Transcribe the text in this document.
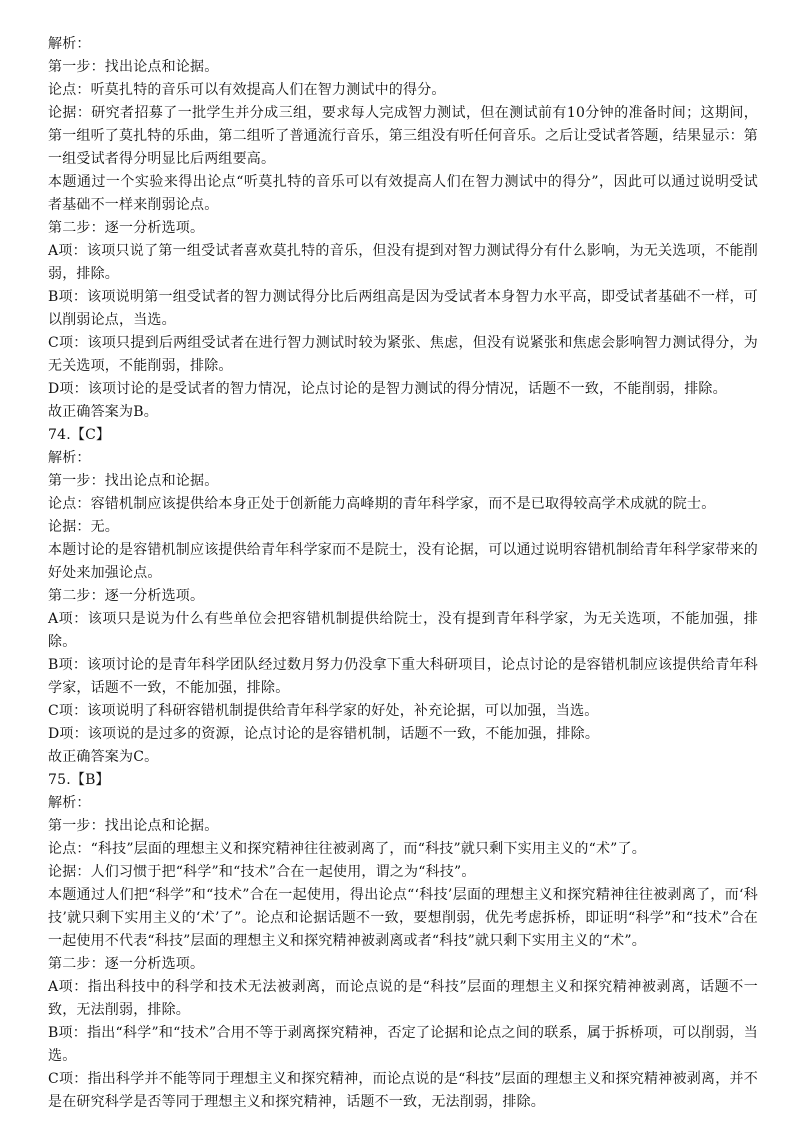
解析：

第一步：找出论点和论据。

论点：听莫扎特的音乐可以有效提高人们在智力测试中的得分。

论据：研究者招募了一批学生并分成三组，要求每人完成智力测试，但在测试前有10分钟的准备时间；这期间，第一组听了莫扎特的乐曲，第二组听了普通流行音乐，第三组没有听任何音乐。之后让受试者答题，结果显示：第一组受试者得分明显比后两组要高。

本题通过一个实验来得出论点“听莫扎特的音乐可以有效提高人们在智力测试中的得分”，因此可以通过说明受试者基础不一样来削弱论点。

第二步：逐一分析选项。

A项：该项只说了第一组受试者喜欢莫扎特的音乐，但没有提到对智力测试得分有什么影响，为无关选项，不能削弱，排除。

B项：该项说明第一组受试者的智力测试得分比后两组高是因为受试者本身智力水平高，即受试者基础不一样，可以削弱论点，当选。

C项：该项只提到后两组受试者在进行智力测试时较为紧张、焦虑，但没有说紧张和焦虑会影响智力测试得分，为无关选项，不能削弱，排除。

D项：该项讨论的是受试者的智力情况，论点讨论的是智力测试的得分情况，话题不一致，不能削弱，排除。

故正确答案为B。

74.【C】

解析：

第一步：找出论点和论据。

论点：容错机制应该提供给本身正处于创新能力高峰期的青年科学家，而不是已取得较高学术成就的院士。

论据：无。

本题讨论的是容错机制应该提供给青年科学家而不是院士，没有论据，可以通过说明容错机制给青年科学家带来的好处来加强论点。

第二步：逐一分析选项。

A项：该项只是说为什么有些单位会把容错机制提供给院士，没有提到青年科学家，为无关选项，不能加强，排除。

B项：该项讨论的是青年科学团队经过数月努力仍没拿下重大科研项目，论点讨论的是容错机制应该提供给青年科学家，话题不一致，不能加强，排除。

C项：该项说明了科研容错机制提供给青年科学家的好处，补充论据，可以加强，当选。

D项：该项说的是过多的资源，论点讨论的是容错机制，话题不一致，不能加强，排除。

故正确答案为C。

75.【B】

解析：

第一步：找出论点和论据。

论点：“科技”层面的理想主义和探究精神往往被剥离了，而“科技”就只剩下实用主义的“术”了。

论据：人们习惯于把“科学”和“技术”合在一起使用，谓之为“科技”。

本题通过人们把“科学”和“技术”合在一起使用，得出论点“‘科技’层面的理想主义和探究精神往往被剥离了，而‘科技’就只剩下实用主义的‘术’了”。论点和论据话题不一致，要想削弱，优先考虑拆桥，即证明“科学”和“技术”合在一起使用不代表“科技”层面的理想主义和探究精神被剥离或者“科技”就只剩下实用主义的“术”。

第二步：逐一分析选项。

A项：指出科技中的科学和技术无法被剥离，而论点说的是“科技”层面的理想主义和探究精神被剥离，话题不一致，无法削弱，排除。

B项：指出“科学”和“技术”合用不等于剥离探究精神，否定了论据和论点之间的联系，属于拆桥项，可以削弱，当选。

C项：指出科学并不能等同于理想主义和探究精神，而论点说的是“科技”层面的理想主义和探究精神被剥离，并不是在研究科学是否等同于理想主义和探究精神，话题不一致，无法削弱，排除。
